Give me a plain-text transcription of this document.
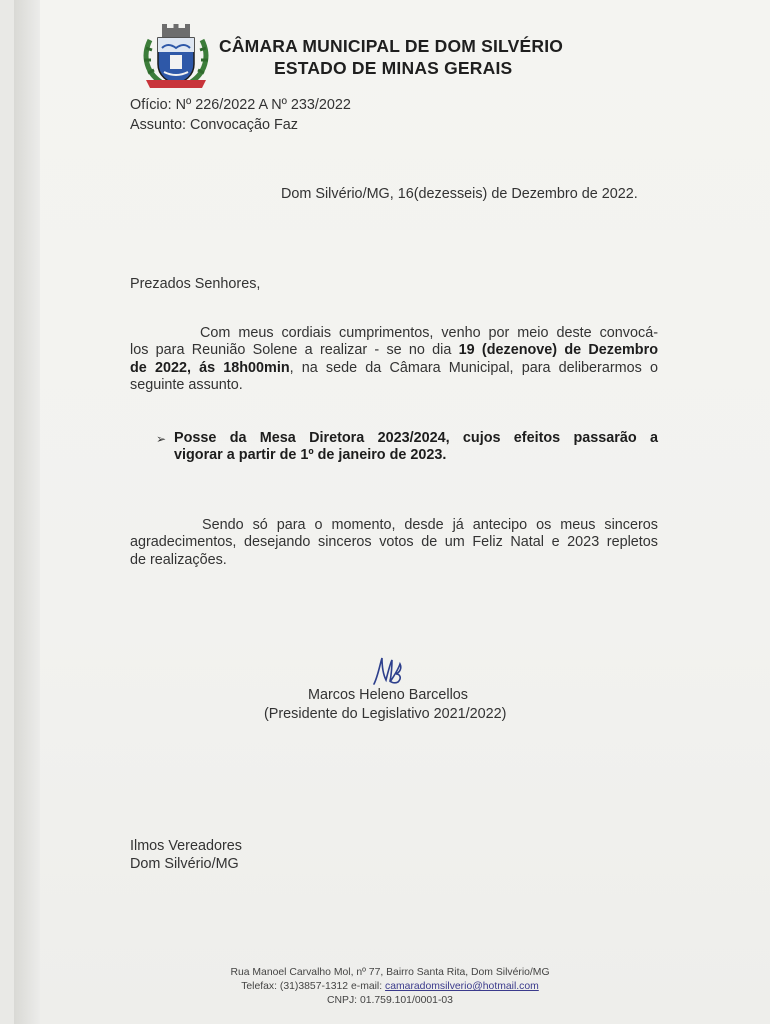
CÂMARA MUNICIPAL DE DOM SILVÉRIO
ESTADO DE MINAS GERAIS
Ofício: Nº 226/2022 A Nº 233/2022
Assunto: Convocação Faz
Dom Silvério/MG, 16(dezesseis) de Dezembro de 2022.
Prezados Senhores,
Com meus cordiais cumprimentos, venho por meio deste convocá-
los para Reunião Solene a realizar - se no dia 19 (dezenove) de Dezembro
de 2022, ás 18h00min, na sede da Câmara Municipal, para deliberarmos o
seguinte assunto.
➢ Posse da Mesa Diretora 2023/2024, cujos efeitos passarão a
vigorar a partir de 1º de janeiro de 2023.
Sendo só para o momento, desde já antecipo os meus sinceros
agradecimentos, desejando sinceros votos de um Feliz Natal e 2023 repletos
de realizações.
Marcos Heleno Barcellos
(Presidente do Legislativo 2021/2022)
Ilmos Vereadores
Dom Silvério/MG
Rua Manoel Carvalho Mol, nº 77, Bairro Santa Rita, Dom Silvério/MG
Telefax: (31)3857-1312 e-mail: camaradomsilverio@hotmail.com
CNPJ: 01.759.101/0001-03
